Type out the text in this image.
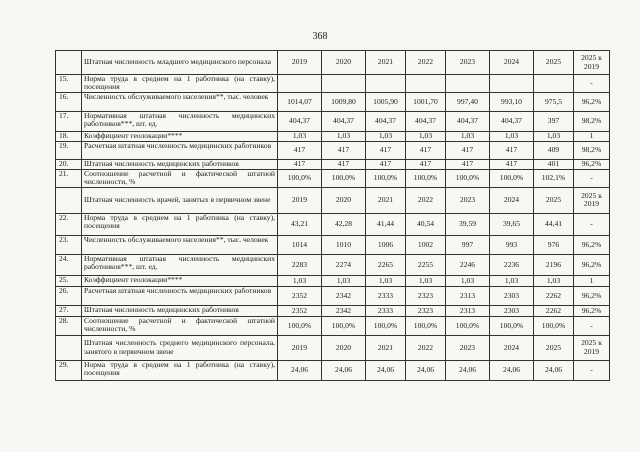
368
	Штатная численность младшего медицинского персонала	2019	2020	2021	2022	2023	2024	2025	2025 к 2019
15.	Норма труда в среднем на 1 работника (на ставку), посещения								-
16.	Численность обслуживаемого населения**, тыс. человек	1014,07	1009,80	1005,90	1001,70	997,40	993,10	975,5	96,2%
17.	Нормативная штатная численность медицинских работников***, шт. ед.	404,37	404,37	404,37	404,37	404,37	404,37	397	98,2%
18.	Коэффициент геолокации****	1,03	1,03	1,03	1,03	1,03	1,03	1,03	1
19.	Расчетная штатная численность медицинских работников	417	417	417	417	417	417	409	98,2%
20.	Штатная численность медицинских работников	417	417	417	417	417	417	401	96,2%
21.	Соотношение расчетной и фактической штатной численности, %	100,0%	100,0%	100,0%	100,0%	100,0%	100,0%	102,1%	-
	Штатная численность врачей, занятых в первичном звене	2019	2020	2021	2022	2023	2024	2025	2025 к 2019
22.	Норма труда в среднем на 1 работника (на ставку), посещения	43,21	42,28	41,44	40,54	39,59	39,65	44,41	-
23.	Численность обслуживаемого населения**, тыс. человек	1014	1010	1006	1002	997	993	976	96,2%
24.	Нормативная штатная численность медицинских работников***, шт. ед.	2283	2274	2265	2255	2246	2236	2196	96,2%
25.	Коэффициент геолокации****	1,03	1,03	1,03	1,03	1,03	1,03	1,03	1
26.	Расчетная штатная численность медицинских работников	2352	2342	2333	2323	2313	2303	2262	96,2%
27.	Штатная численность медицинских работников	2352	2342	2333	2323	2313	2303	2262	96,2%
28.	Соотношение расчетной и фактической штатной численности, %	100,0%	100,0%	100,0%	100,0%	100,0%	100,0%	100,0%	-
	Штатная численность среднего медицинского персонала, занятого в первичном звене	2019	2020	2021	2022	2023	2024	2025	2025 к 2019
29.	Норма труда в среднем на 1 работника (на ставку), посещения	24,06	24,06	24,06	24,06	24,06	24,06	24,06	-
